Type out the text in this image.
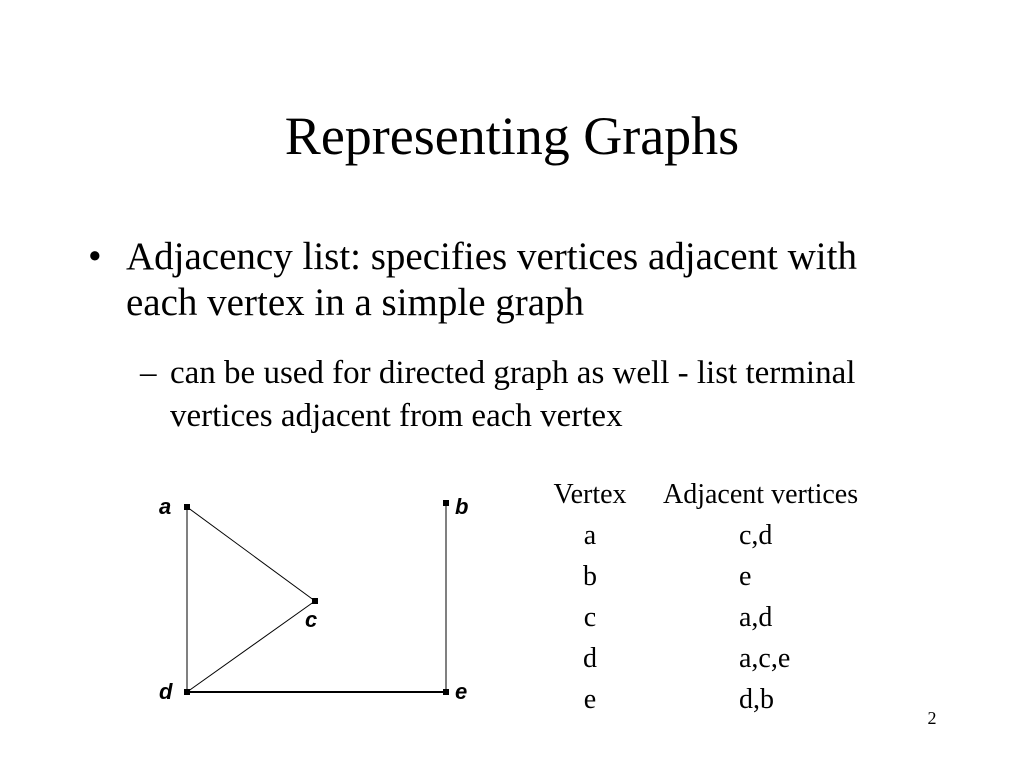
Representing Graphs
• Adjacency list: specifies vertices adjacent with each vertex in a simple graph
– can be used for directed graph as well - list terminal vertices adjacent from each vertex
a	b
c
d	e
Vertex	Adjacent vertices
a	c,d
b	e
c	a,d
d	a,c,e
e	d,b
2
